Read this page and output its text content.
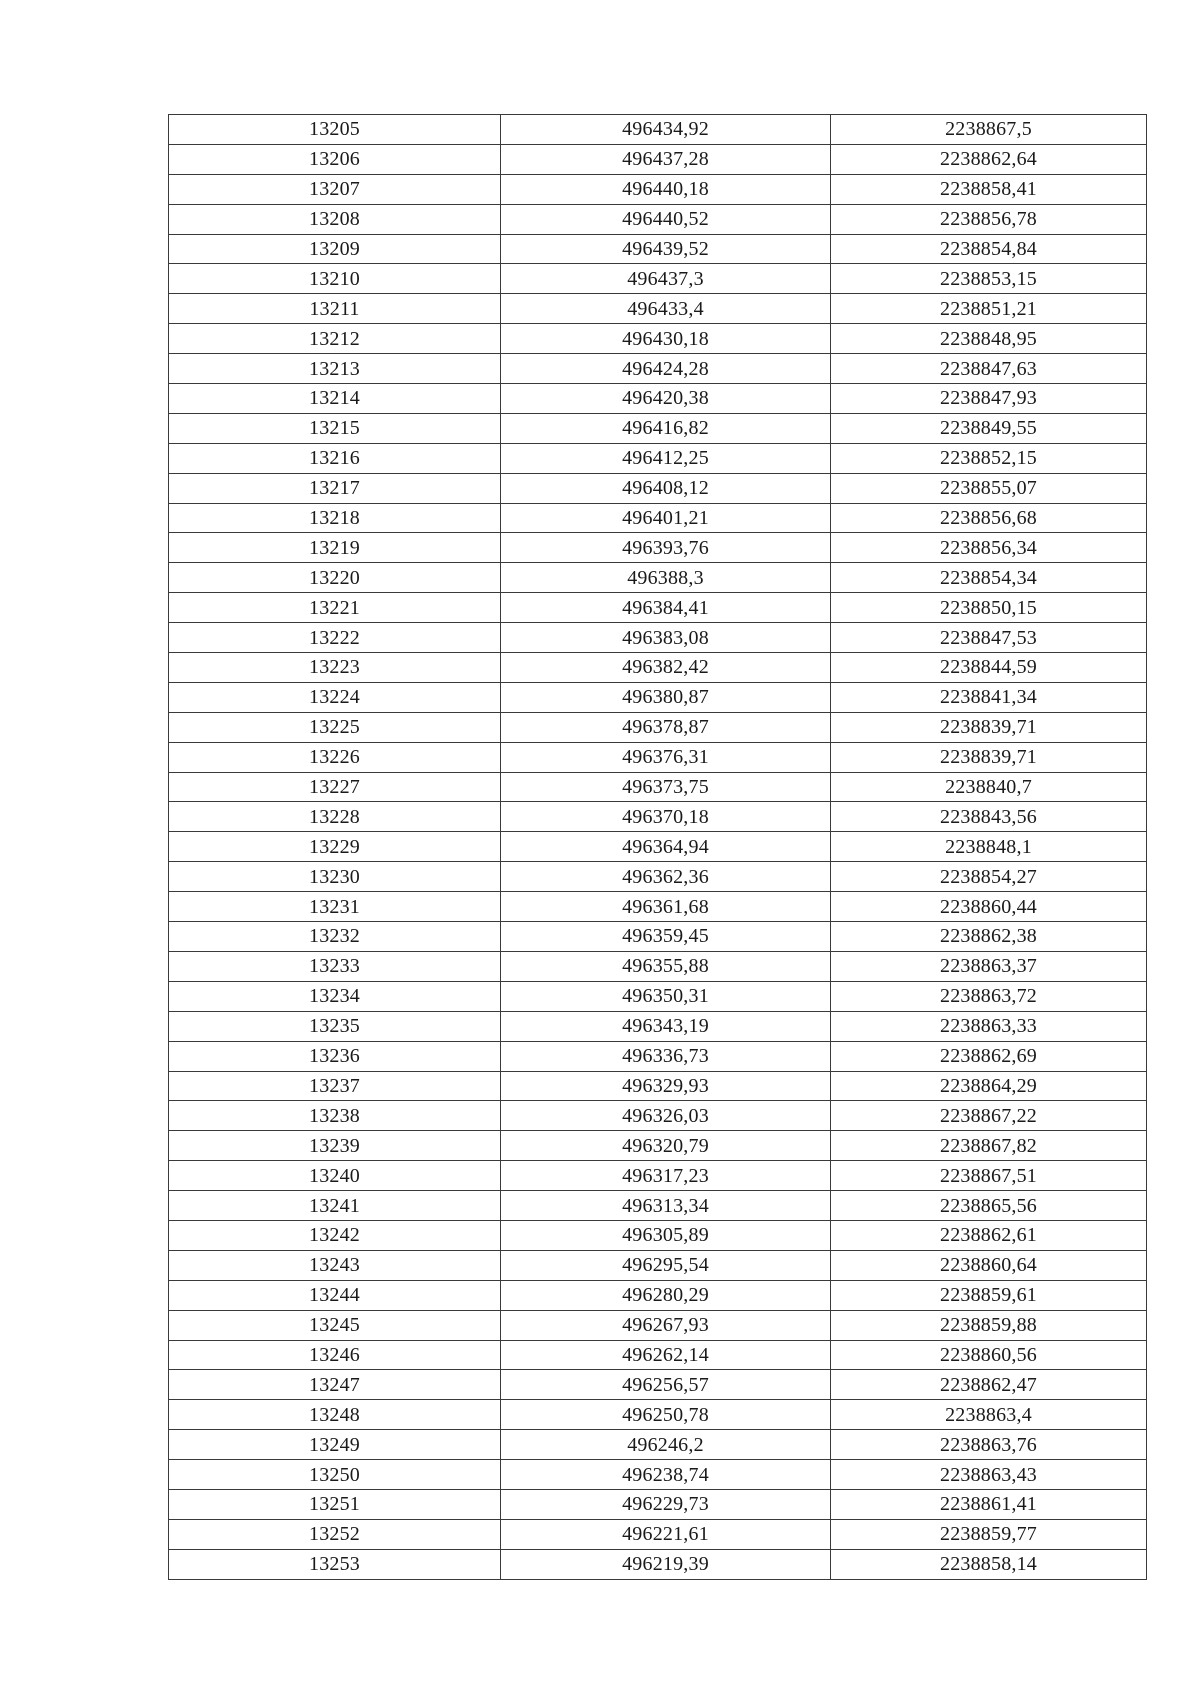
13205	496434,92	2238867,5
13206	496437,28	2238862,64
13207	496440,18	2238858,41
13208	496440,52	2238856,78
13209	496439,52	2238854,84
13210	496437,3	2238853,15
13211	496433,4	2238851,21
13212	496430,18	2238848,95
13213	496424,28	2238847,63
13214	496420,38	2238847,93
13215	496416,82	2238849,55
13216	496412,25	2238852,15
13217	496408,12	2238855,07
13218	496401,21	2238856,68
13219	496393,76	2238856,34
13220	496388,3	2238854,34
13221	496384,41	2238850,15
13222	496383,08	2238847,53
13223	496382,42	2238844,59
13224	496380,87	2238841,34
13225	496378,87	2238839,71
13226	496376,31	2238839,71
13227	496373,75	2238840,7
13228	496370,18	2238843,56
13229	496364,94	2238848,1
13230	496362,36	2238854,27
13231	496361,68	2238860,44
13232	496359,45	2238862,38
13233	496355,88	2238863,37
13234	496350,31	2238863,72
13235	496343,19	2238863,33
13236	496336,73	2238862,69
13237	496329,93	2238864,29
13238	496326,03	2238867,22
13239	496320,79	2238867,82
13240	496317,23	2238867,51
13241	496313,34	2238865,56
13242	496305,89	2238862,61
13243	496295,54	2238860,64
13244	496280,29	2238859,61
13245	496267,93	2238859,88
13246	496262,14	2238860,56
13247	496256,57	2238862,47
13248	496250,78	2238863,4
13249	496246,2	2238863,76
13250	496238,74	2238863,43
13251	496229,73	2238861,41
13252	496221,61	2238859,77
13253	496219,39	2238858,14
